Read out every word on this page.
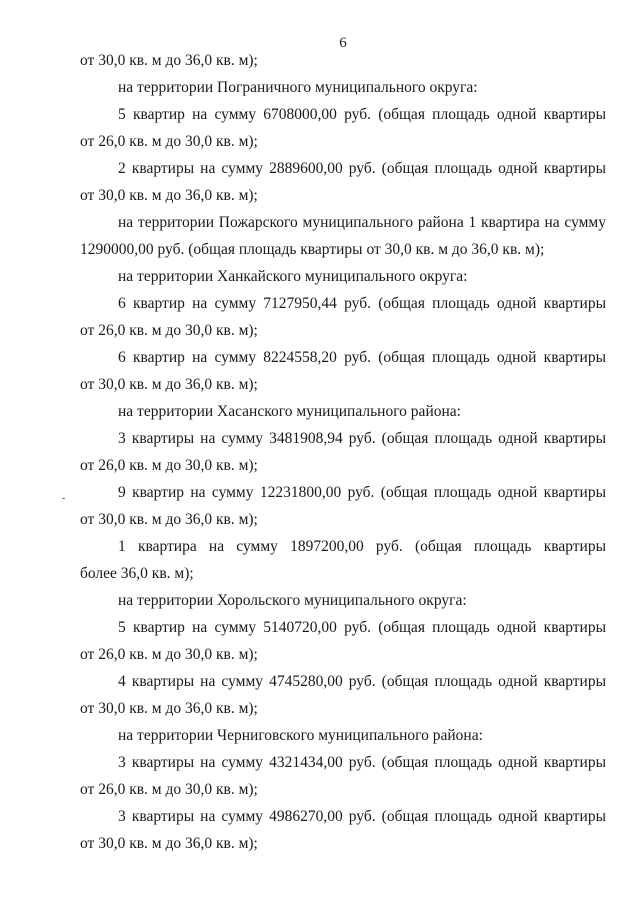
6
от 30,0 кв. м до 36,0 кв. м);
на территории Пограничного муниципального округа:
5 квартир на сумму 6708000,00 руб. (общая площадь одной квартиры
от 26,0 кв. м до 30,0 кв. м);
2 квартиры на сумму 2889600,00 руб. (общая площадь одной квартиры
от 30,0 кв. м до 36,0 кв. м);
на территории Пожарского муниципального района 1 квартира на сумму
1290000,00 руб. (общая площадь квартиры от 30,0 кв. м до 36,0 кв. м);
на территории Ханкайского муниципального округа:
6 квартир на сумму 7127950,44 руб. (общая площадь одной квартиры
от 26,0 кв. м до 30,0 кв. м);
6 квартир на сумму 8224558,20 руб. (общая площадь одной квартиры
от 30,0 кв. м до 36,0 кв. м);
на территории Хасанского муниципального района:
3 квартиры на сумму 3481908,94 руб. (общая площадь одной квартиры
от 26,0 кв. м до 30,0 кв. м);
9 квартир на сумму 12231800,00 руб. (общая площадь одной квартиры
от 30,0 кв. м до 36,0 кв. м);
1 квартира на сумму 1897200,00 руб. (общая площадь квартиры
более 36,0 кв. м);
на территории Хорольского муниципального округа:
5 квартир на сумму 5140720,00 руб. (общая площадь одной квартиры
от 26,0 кв. м до 30,0 кв. м);
4 квартиры на сумму 4745280,00 руб. (общая площадь одной квартиры
от 30,0 кв. м до 36,0 кв. м);
на территории Черниговского муниципального района:
3 квартиры на сумму 4321434,00 руб. (общая площадь одной квартиры
от 26,0 кв. м до 30,0 кв. м);
3 квартиры на сумму 4986270,00 руб. (общая площадь одной квартиры
от 30,0 кв. м до 36,0 кв. м);
